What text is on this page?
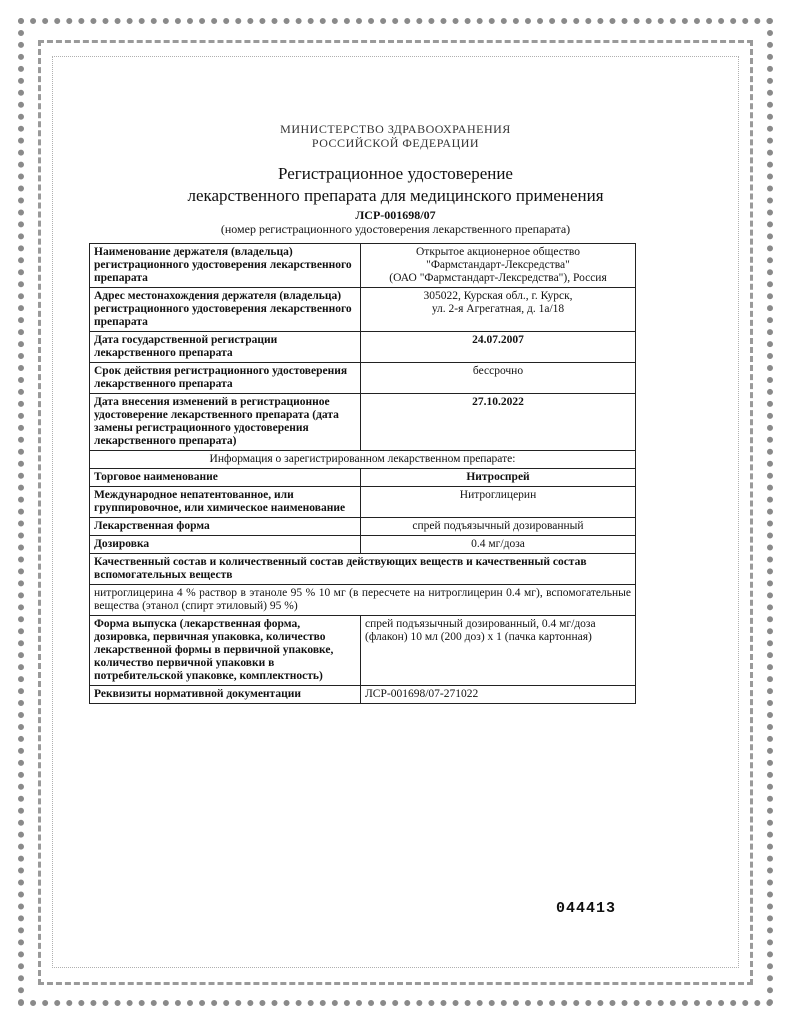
МИНИСТЕРСТВО ЗДРАВООХРАНЕНИЯ
РОССИЙСКОЙ ФЕДЕРАЦИИ
Регистрационное удостоверение
лекарственного препарата для медицинского применения
ЛСР-001698/07
(номер регистрационного удостоверения лекарственного препарата)
Наименование держателя (владельца) регистрационного удостоверения лекарственного препарата	Открытое акционерное общество
"Фармстандарт-Лексредства"
(ОАО "Фармстандарт-Лексредства"), Россия

Адрес местонахождения держателя (владельца) регистрационного удостоверения лекарственного препарата	305022, Курская обл., г. Курск,
ул. 2-я Агрегатная, д. 1а/18

Дата государственной регистрации лекарственного препарата	24.07.2007
Срок действия регистрационного удостоверения лекарственного препарата	бессрочно
Дата внесения изменений в регистрационное удостоверение лекарственного препарата (дата замены регистрационного удостоверения лекарственного препарата)	27.10.2022
Информация о зарегистрированном лекарственном препарате:	
Торговое наименование	Нитроспрей
Международное непатентованное, или группировочное, или химическое наименование	Нитроглицерин
Лекарственная форма	спрей подъязычный дозированный
Дозировка	0.4 мг/доза
Качественный состав и количественный состав действующих веществ и качественный состав вспомогательных веществ	
нитроглицерина 4 % раствор в этаноле 95 % 10 мг (в пересчете на нитроглицерин 0.4 мг), вспомогательные вещества (этанол (спирт этиловый) 95 %)	
Форма выпуска (лекарственная форма, дозировка, первичная упаковка, количество лекарственной формы в первичной упаковке, количество первичной упаковки в потребительской упаковке, комплектность)	спрей подъязычный дозированный, 0.4 мг/доза (флакон) 10 мл (200 доз) x 1 (пачка картонная)
Реквизиты нормативной документации	ЛСР-001698/07-271022
044413
